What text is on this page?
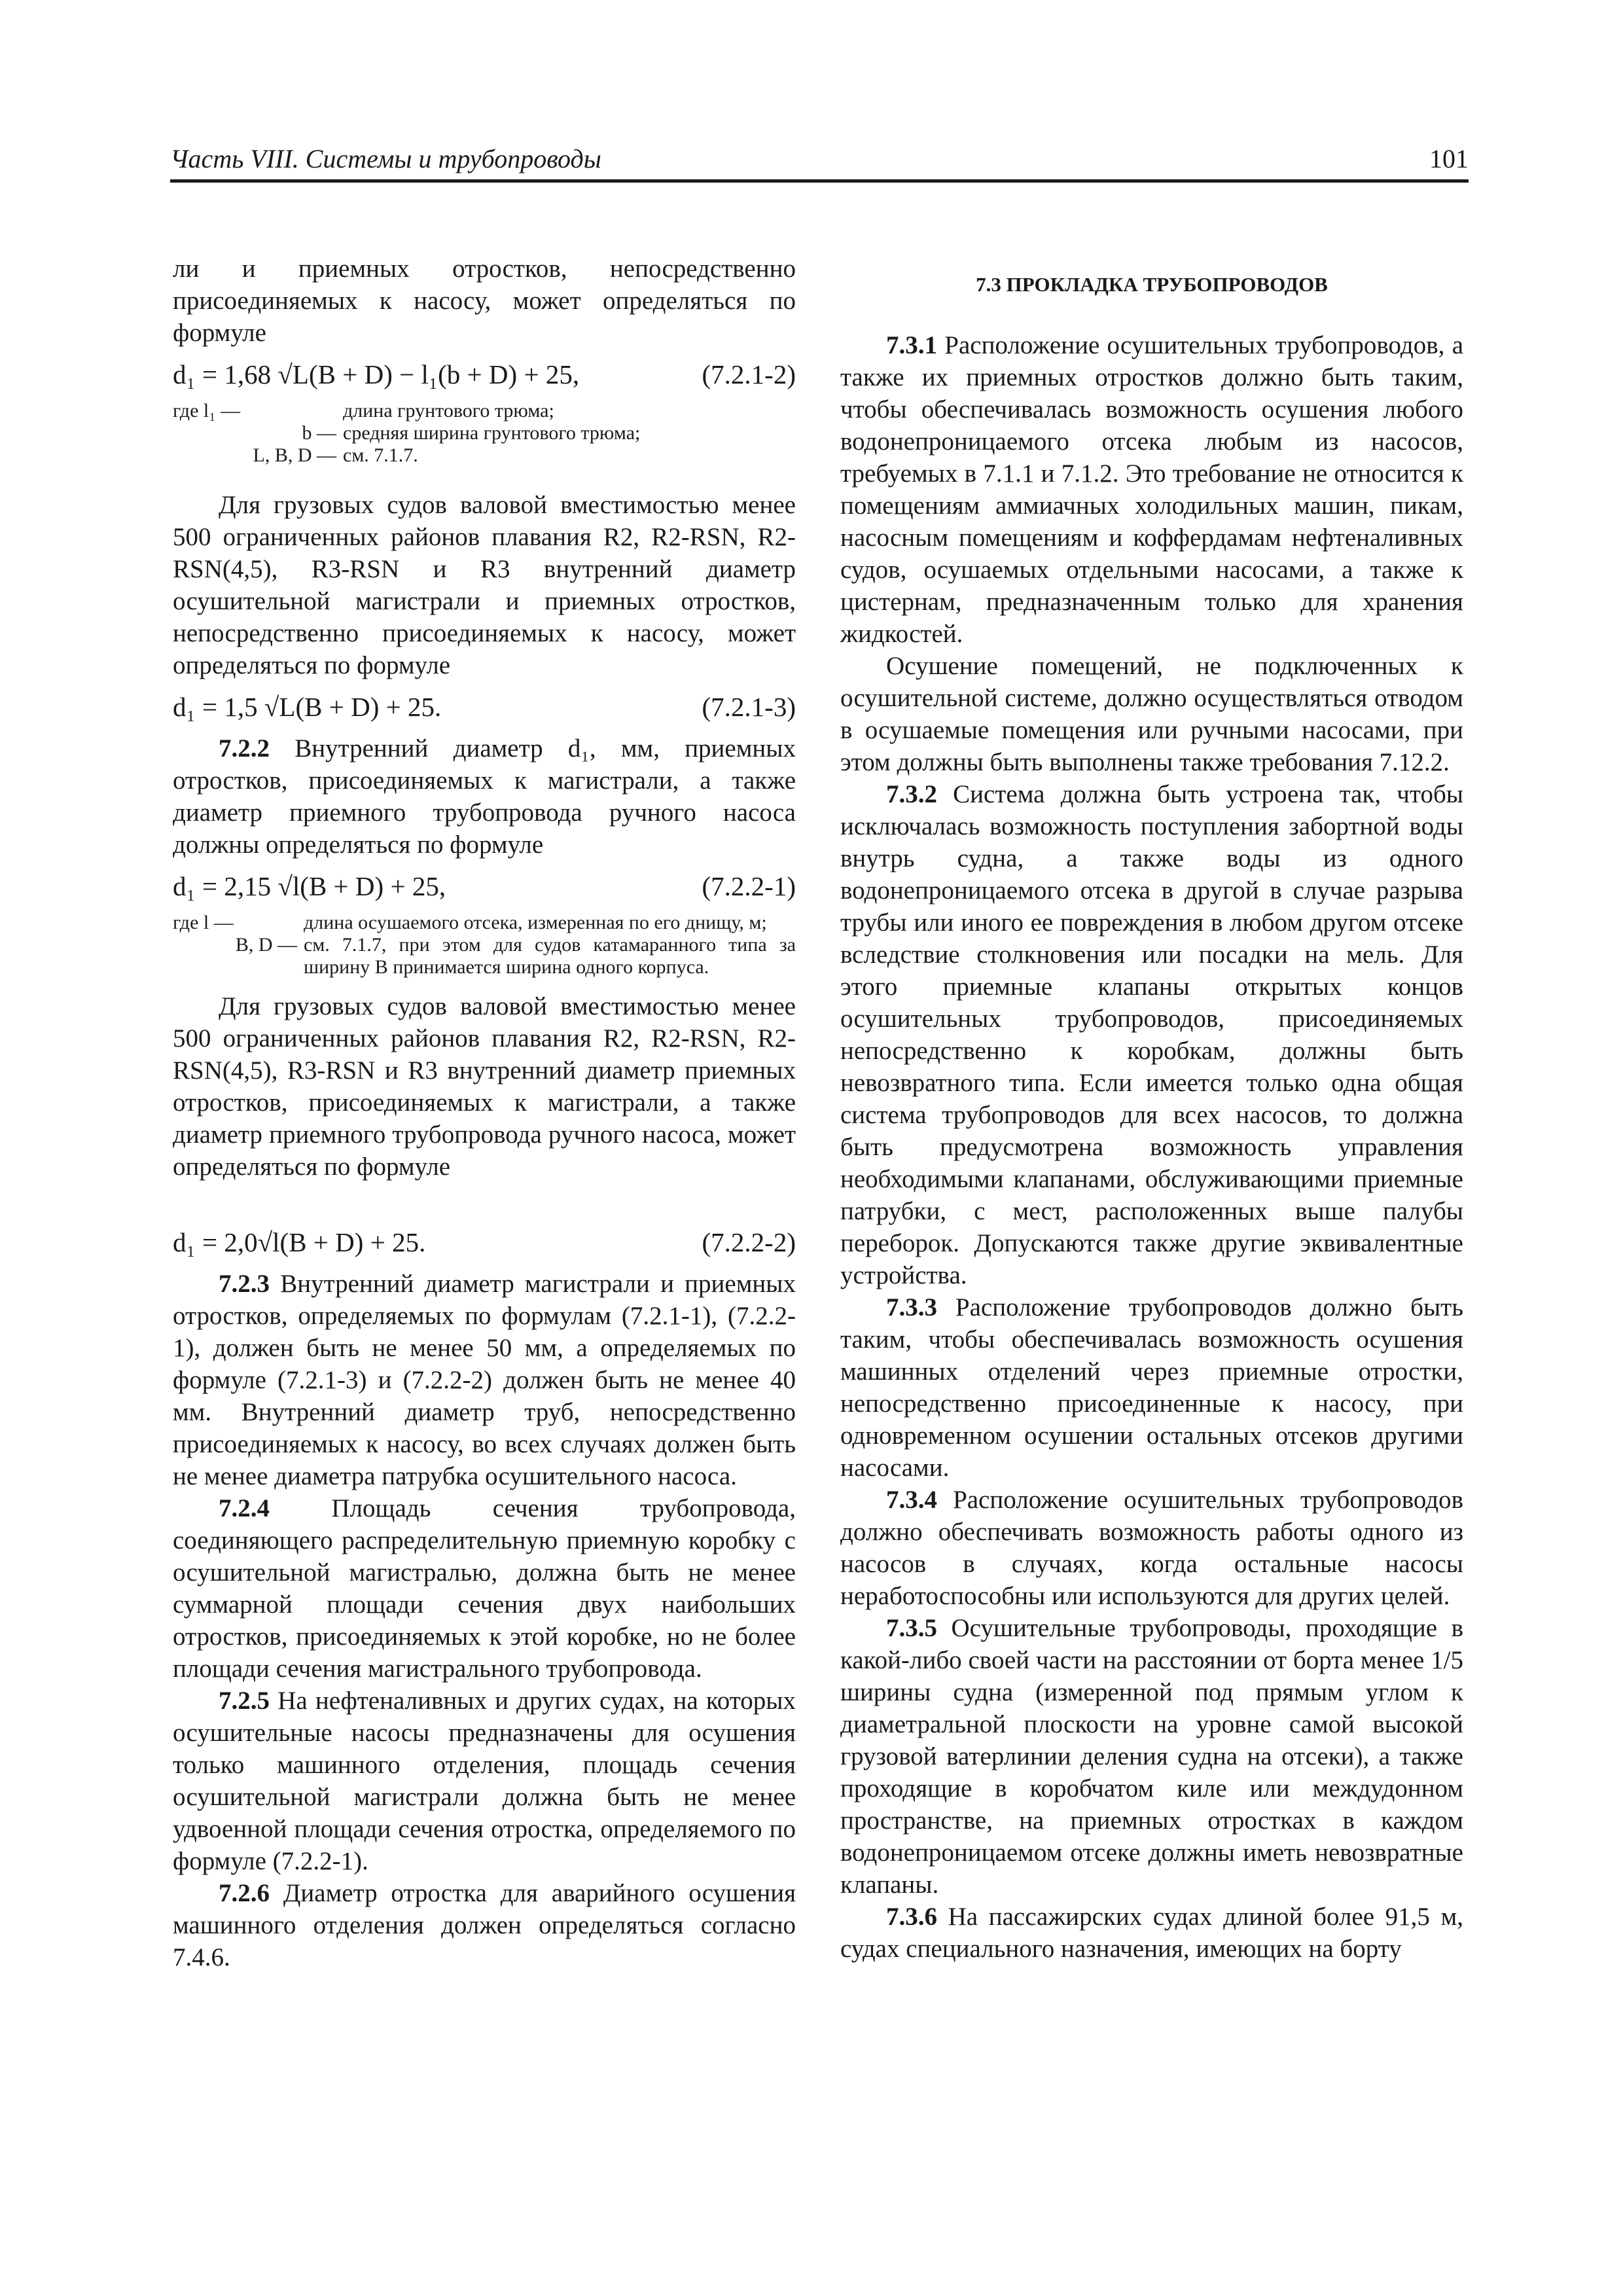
Часть VIII. Системы и трубопроводы	101

ли и приемных отростков, непосредственно присоединяемых к насосу, может определяться по формуле

d₁ = 1,68 √L(B + D) − l₁(b + D) + 25,	(7.2.1-2)
где l₁ —	длина грунтового трюма;
b — средняя ширина грунтового трюма;
L, B, D — см. 7.1.7.

Для грузовых судов валовой вместимостью менее 500 ограниченных районов плавания R2, R2-RSN, R2-RSN(4,5), R3-RSN и R3 внутренний диаметр осушительной магистрали и приемных отростков, непосредственно присоединяемых к насосу, может определяться по формуле

d₁ = 1,5 √L(B + D) + 25.	(7.2.1-3)

7.2.2 Внутренний диаметр d₁, мм, приемных отростков, присоединяемых к магистрали, а также диаметр приемного трубопровода ручного насоса должны определяться по формуле

d₁ = 2,15 √l(B + D) + 25,	(7.2.2-1)
где l —	длина осушаемого отсека, измеренная по его днищу, м;
B, D — см. 7.1.7, при этом для судов катамаранного типа за ширину B принимается ширина одного корпуса.

Для грузовых судов валовой вместимостью менее 500 ограниченных районов плавания R2, R2-RSN, R2-RSN(4,5), R3-RSN и R3 внутренний диаметр приемных отростков, присоединяемых к магистрали, а также диаметр приемного трубопровода ручного насоса, может определяться по формуле

d₁ = 2,0√l(B + D) + 25.	(7.2.2-2)

7.2.3 Внутренний диаметр магистрали и приемных отростков, определяемых по формулам (7.2.1-1), (7.2.2-1), должен быть не менее 50 мм, а определяемых по формуле (7.2.1-3) и (7.2.2-2) должен быть не менее 40 мм. Внутренний диаметр труб, непосредственно присоединяемых к насосу, во всех случаях должен быть не менее диаметра патрубка осушительного насоса.

7.2.4 Площадь сечения трубопровода, соединяющего распределительную приемную коробку с осушительной магистралью, должна быть не менее суммарной площади сечения двух наибольших отростков, присоединяемых к этой коробке, но не более площади сечения магистрального трубопровода.

7.2.5 На нефтеналивных и других судах, на которых осушительные насосы предназначены для осушения только машинного отделения, площадь сечения осушительной магистрали должна быть не менее удвоенной площади сечения отростка, определяемого по формуле (7.2.2-1).

7.2.6 Диаметр отростка для аварийного осушения машинного отделения должен определяться согласно 7.4.6.

7.3 ПРОКЛАДКА ТРУБОПРОВОДОВ

7.3.1 Расположение осушительных трубопроводов, а также их приемных отростков должно быть таким, чтобы обеспечивалась возможность осушения любого водонепроницаемого отсека любым из насосов, требуемых в 7.1.1 и 7.1.2. Это требование не относится к помещениям аммиачных холодильных машин, пикам, насосным помещениям и коффердамам нефтеналивных судов, осушаемых отдельными насосами, а также к цистернам, предназначенным только для хранения жидкостей.

Осушение помещений, не подключенных к осушительной системе, должно осуществляться отводом в осушаемые помещения или ручными насосами, при этом должны быть выполнены также требования 7.12.2.

7.3.2 Система должна быть устроена так, чтобы исключалась возможность поступления забортной воды внутрь судна, а также воды из одного водонепроницаемого отсека в другой в случае разрыва трубы или иного ее повреждения в любом другом отсеке вследствие столкновения или посадки на мель. Для этого приемные клапаны открытых концов осушительных трубопроводов, присоединяемых непосредственно к коробкам, должны быть невозвратного типа. Если имеется только одна общая система трубопроводов для всех насосов, то должна быть предусмотрена возможность управления необходимыми клапанами, обслуживающими приемные патрубки, с мест, расположенных выше палубы переборок. Допускаются также другие эквивалентные устройства.

7.3.3 Расположение трубопроводов должно быть таким, чтобы обеспечивалась возможность осушения машинных отделений через приемные отростки, непосредственно присоединенные к насосу, при одновременном осушении остальных отсеков другими насосами.

7.3.4 Расположение осушительных трубопроводов должно обеспечивать возможность работы одного из насосов в случаях, когда остальные насосы неработоспособны или используются для других целей.

7.3.5 Осушительные трубопроводы, проходящие в какой-либо своей части на расстоянии от борта менее 1/5 ширины судна (измеренной под прямым углом к диаметральной плоскости на уровне самой высокой грузовой ватерлинии деления судна на отсеки), а также проходящие в коробчатом киле или междудонном пространстве, на приемных отростках в каждом водонепроницаемом отсеке должны иметь невозвратные клапаны.

7.3.6 На пассажирских судах длиной более 91,5 м, судах специального назначения, имеющих на борту
